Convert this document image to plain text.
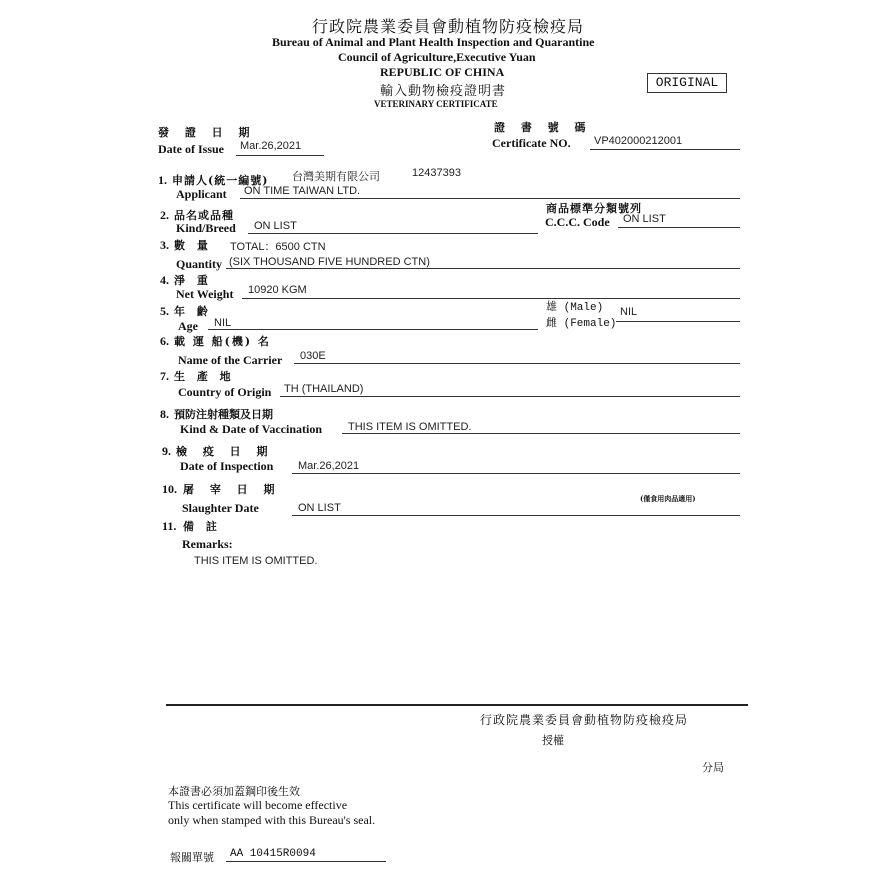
行政院農業委員會動植物防疫檢疫局
Bureau of Animal and Plant Health Inspection and Quarantine
Council of Agriculture,Executive Yuan
REPUBLIC OF CHINA
輸入動物檢疫證明書
VETERINARY CERTIFICATE
ORIGINAL
發 證 日 期
Date of Issue Mar.26,2021
證 書 號 碼
Certificate NO. VP402000212001
1. 申請人(統一編號) 台灣美期有限公司	12437393
Applicant ON TIME TAIWAN LTD.
2. 品名或品種
Kind/Breed ON LIST
商品標準分類號列
C.C.C. Code ON LIST
3. 數 量 TOTAL：6500 CTN
Quantity (SIX THOUSAND FIVE HUNDRED CTN)
4. 淨 重
Net Weight 10920 KGM
5. 年 齡
Age NIL
雄 (Male)
雌 (Female)
NIL
6. 載 運 船(機) 名
Name of the Carrier 030E
7. 生 產 地
Country of Origin TH (THAILAND)
8. 預防注射種類及日期
Kind & Date of Vaccination THIS ITEM IS OMITTED.
9. 檢 疫 日 期
Date of Inspection Mar.26,2021
10. 屠 宰 日 期
Slaughter Date	ON LIST
(僅食用肉品適用)
11. 備 註
Remarks:
THIS ITEM IS OMITTED.
行政院農業委員會動植物防疫檢疫局
授權
分局
本證書必須加蓋鋼印後生效
This certificate will become effective
only when stamped with this Bureau's seal.
報關單號 AA 10415R0094
